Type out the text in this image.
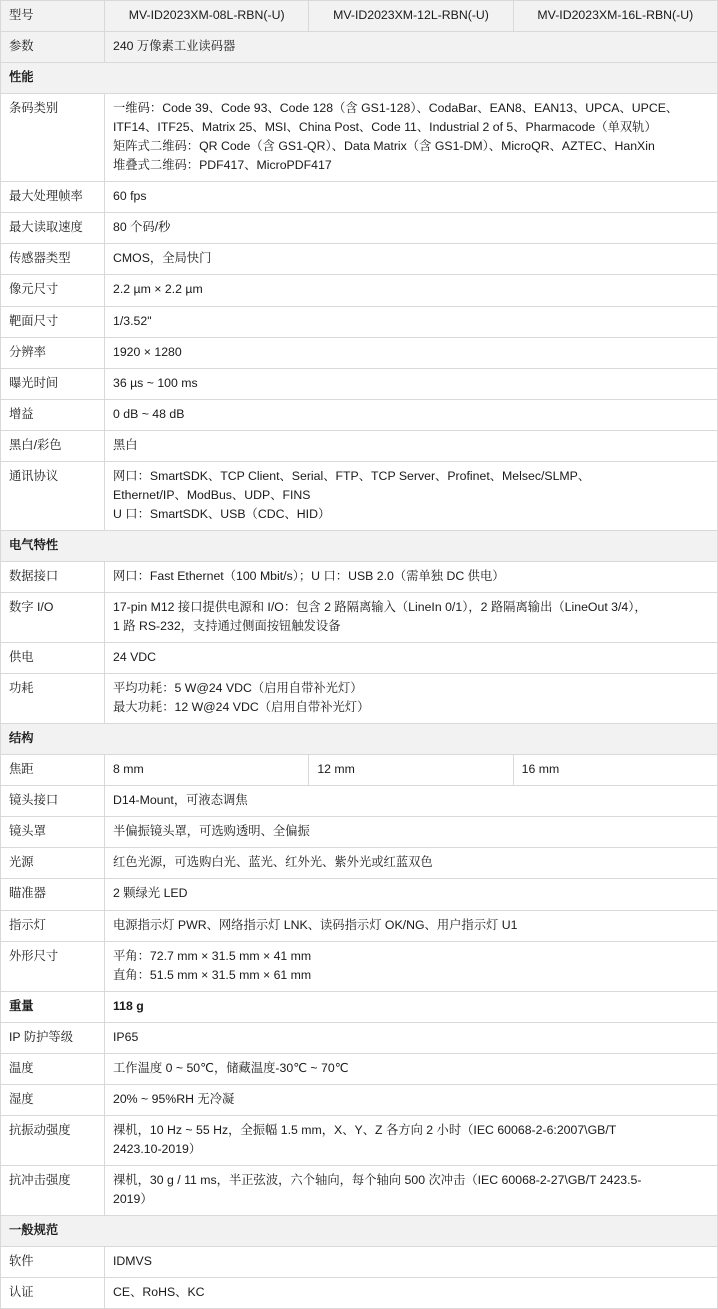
型号	MV-ID2023XM-08L-RBN(-U)	MV-ID2023XM-12L-RBN(-U)	MV-ID2023XM-16L-RBN(-U)
参数	240 万像素工业读码器		
性能			
条码类别	一维码：Code 39、Code 93、Code 128（含 GS1-128）、CodaBar、EAN8、EAN13、UPCA、UPCE、
ITF14、ITF25、Matrix 25、MSI、China Post、Code 11、Industrial 2 of 5、Pharmacode（单双轨）
矩阵式二维码：QR Code（含 GS1-QR）、Data Matrix（含 GS1-DM）、MicroQR、AZTEC、HanXin
堆叠式二维码：PDF417、MicroPDF417		

最大处理帧率	60 fps		

最大读取速度	80 个码/秒		

传感器类型	CMOS，全局快门		

像元尺寸	2.2 µm × 2.2 µm		

靶面尺寸	1/3.52"		

分辨率	1920 × 1280		

曝光时间	36 µs ~ 100 ms		

增益	0 dB ~ 48 dB		

黑白/彩色	黑白		

通讯协议	网口：SmartSDK、TCP Client、Serial、FTP、TCP Server、Profinet、Melsec/SLMP、
Ethernet/IP、ModBus、UDP、FINS
U 口：SmartSDK、USB（CDC、HID）		

电气特性			
数据接口	网口：Fast Ethernet（100 Mbit/s）；U 口：USB 2.0（需单独 DC 供电）		

数字 I/O	17-pin M12 接口提供电源和 I/O：包含 2 路隔离输入（LineIn 0/1），2 路隔离输出（LineOut 3/4），
1 路 RS-232，支持通过侧面按钮触发设备		

供电	24 VDC		

功耗	平均功耗：5 W@24 VDC（启用自带补光灯）
最大功耗：12 W@24 VDC（启用自带补光灯）		

结构			
焦距	8 mm	12 mm	16 mm
镜头接口	D14-Mount，可液态调焦		

镜头罩	半偏振镜头罩，可选购透明、全偏振		

光源	红色光源，可选购白光、蓝光、红外光、紫外光或红蓝双色		

瞄准器	2 颗绿光 LED		

指示灯	电源指示灯 PWR、网络指示灯 LNK、读码指示灯 OK/NG、用户指示灯 U1		

外形尺寸	平角：72.7 mm × 31.5 mm × 41 mm
直角：51.5 mm × 31.5 mm × 61 mm		

重量	118 g		

IP 防护等级	IP65		

温度	工作温度 0 ~ 50℃，储藏温度-30℃ ~ 70℃		

湿度	20% ~ 95%RH 无冷凝		

抗振动强度	裸机，10 Hz ~ 55 Hz，全振幅 1.5 mm，X、Y、Z 各方向 2 小时（IEC 60068-2-6:2007\GB/T
2423.10-2019）		

抗冲击强度	裸机，30 g / 11 ms，半正弦波，六个轴向，每个轴向 500 次冲击（IEC 60068-2-27\GB/T 2423.5-
2019）		

一般规范			
软件	IDMVS		

认证	CE、RoHS、KC		
